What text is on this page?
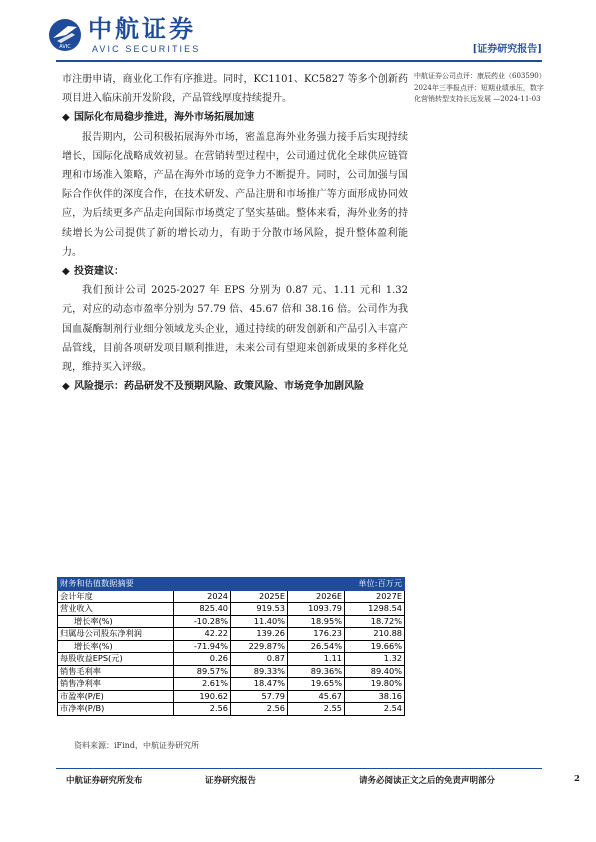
AVIC
中航证券
AVIC SECURITIES	[证券研究报告]

市注册申请，商业化工作有序推进。同时，KC1101、KC5827 等多个创新药项目进入临床前开发阶段，产品管线厚度持续提升。

◆ 国际化布局稳步推进，海外市场拓展加速

报告期内，公司积极拓展海外市场，密盖息海外业务强力接手后实现持续增长，国际化战略成效初显。在营销转型过程中，公司通过优化全球供应链管理和市场准入策略，产品在海外市场的竞争力不断提升。同时，公司加强与国际合作伙伴的深度合作，在技术研发、产品注册和市场推广等方面形成协同效应，为后续更多产品走向国际市场奠定了坚实基础。整体来看，海外业务的持续增长为公司提供了新的增长动力，有助于分散市场风险，提升整体盈利能力。

◆ 投资建议：

我们预计公司 2025-2027 年 EPS 分别为 0.87 元、1.11 元和 1.32 元，对应的动态市盈率分别为 57.79 倍、45.67 倍和 38.16 倍。公司作为我国血凝酶制剂行业细分领域龙头企业，通过持续的研发创新和产品引入丰富产品管线，目前各项研发项目顺利推进，未来公司有望迎来创新成果的多样化兑现，维持买入评级。

◆ 风险提示：药品研发不及预期风险、政策风险、市场竞争加剧风险

中航证券公司点评：康辰药业（603590）2024年三季报点评：短期业绩承压，数字化营销转型支持长远发展 —2024-11-03

财务和估值数据摘要			单位:百万元	
会计年度	2024	2025E	2026E	2027E
营业收入	825.40	919.53	1093.79	1298.54
增长率(%)	-10.28%	11.40%	18.95%	18.72%
归属母公司股东净利润	42.22	139.26	176.23	210.88
增长率(%)	-71.94%	229.87%	26.54%	19.66%
每股收益EPS(元)	0.26	0.87	1.11	1.32
销售毛利率	89.57%	89.33%	89.36%	89.40%
销售净利率	2.61%	18.47%	19.65%	19.80%
市盈率(P/E)	190.62	57.79	45.67	38.16
市净率(P/B)	2.56	2.56	2.55	2.54
资料来源：iFind，中航证券研究所
中航证券研究所发布	证券研究报告	请务必阅读正文之后的免责声明部分	2
